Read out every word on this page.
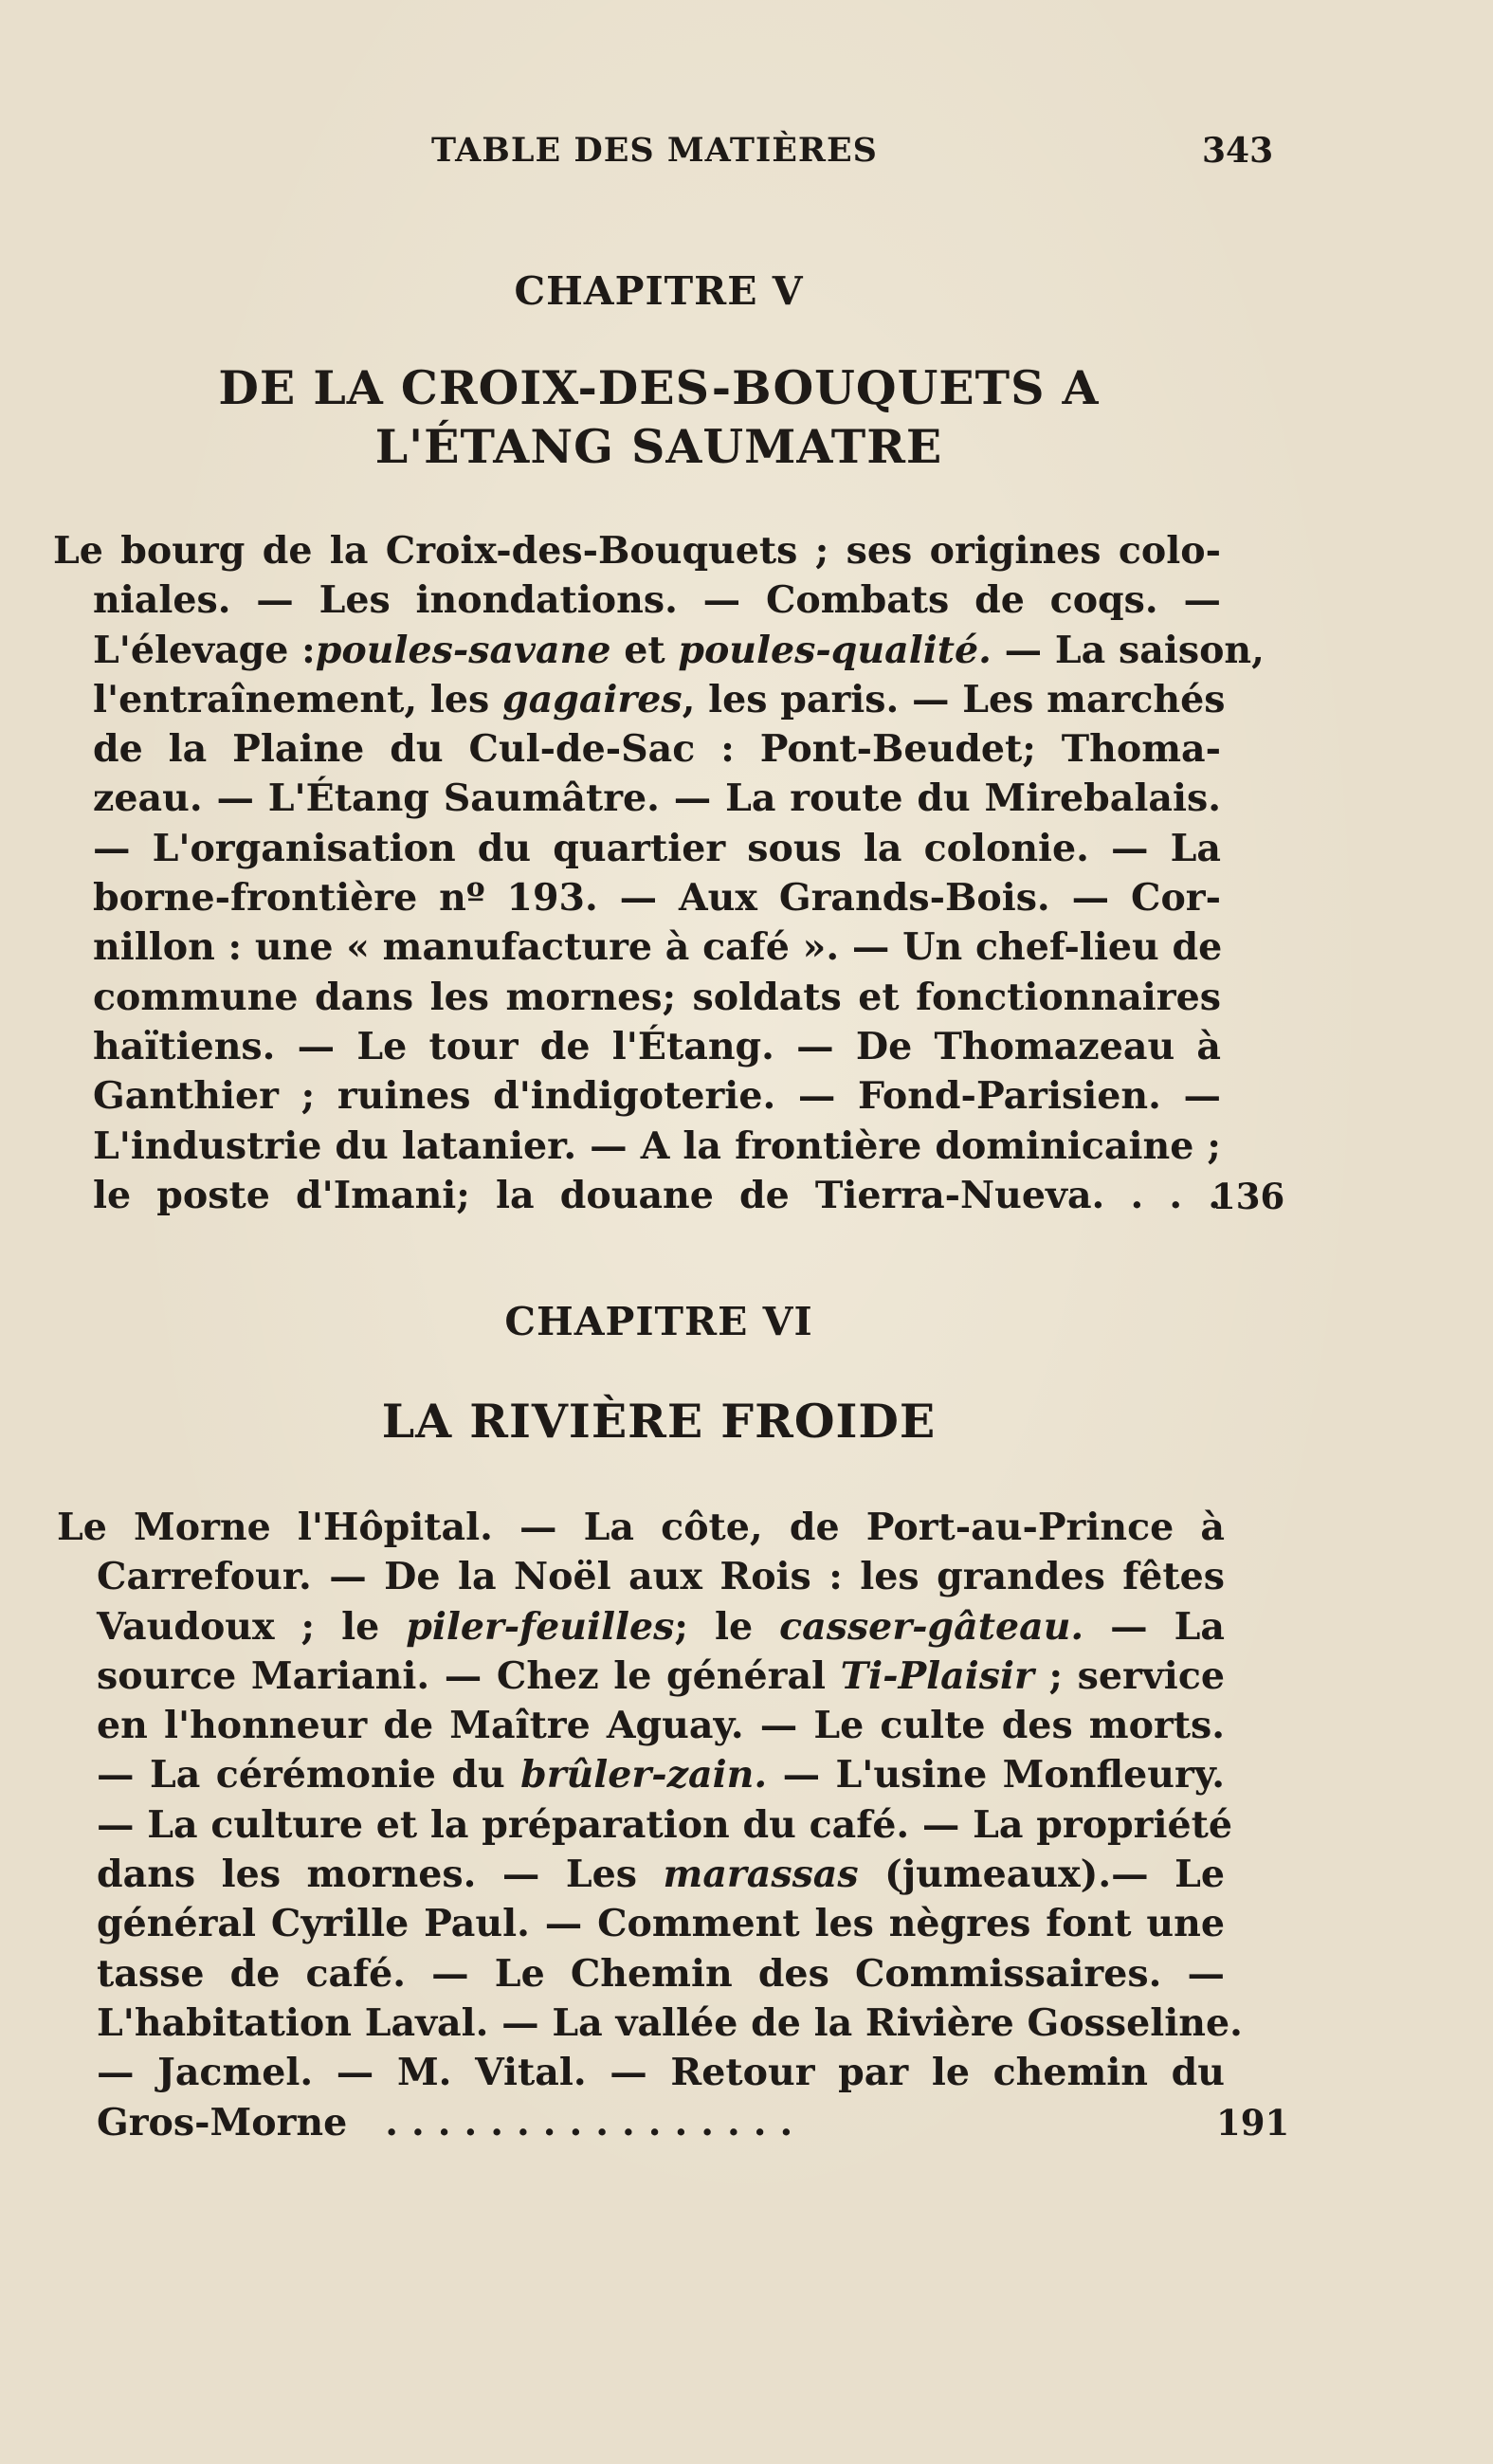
TABLE DES MATIÈRES	343
CHAPITRE V
DE LA CROIX-DES-BOUQUETS A
L'ÉTANG SAUMATRE
Le bourg de la Croix-des-Bouquets ; ses origines colo-
niales. — Les inondations. — Combats de coqs. —
L'élevage :poules-savane et poules-qualité. — La saison,
l'entraînement, les gagaires, les paris. — Les marchés
de la Plaine du Cul-de-Sac : Pont-Beudet; Thoma-
zeau. — L'Étang Saumâtre. — La route du Mirebalais.
— L'organisation du quartier sous la colonie. — La
borne-frontière nº 193. — Aux Grands-Bois. — Cor-
nillon : une « manufacture à café ». — Un chef-lieu de
commune dans les mornes; soldats et fonctionnaires
haïtiens. — Le tour de l'Étang. — De Thomazeau à
Ganthier ; ruines d'indigoterie. — Fond-Parisien. —
L'industrie du latanier. — A la frontière dominicaine ;
le poste d'Imani; la douane de Tierra-Nueva. . . .
136
CHAPITRE VI
LA RIVIÈRE FROIDE
Le Morne l'Hôpital. — La côte, de Port-au-Prince à
Carrefour. — De la Noël aux Rois : les grandes fêtes
Vaudoux ; le piler-feuilles; le casser-gâteau. — La
source Mariani. — Chez le général Ti-Plaisir ; service
en l'honneur de Maître Aguay. — Le culte des morts.
— La cérémonie du brûler-zain. — L'usine Monfleury.
— La culture et la préparation du café. — La propriété
dans les mornes. — Les marassas (jumeaux).— Le
général Cyrille Paul. — Comment les nègres font une
tasse de café. — Le Chemin des Commissaires. —
L'habitation Laval. — La vallée de la Rivière Gosseline.
— Jacmel. — M. Vital. — Retour par le chemin du
Gros-Morne ................	191
